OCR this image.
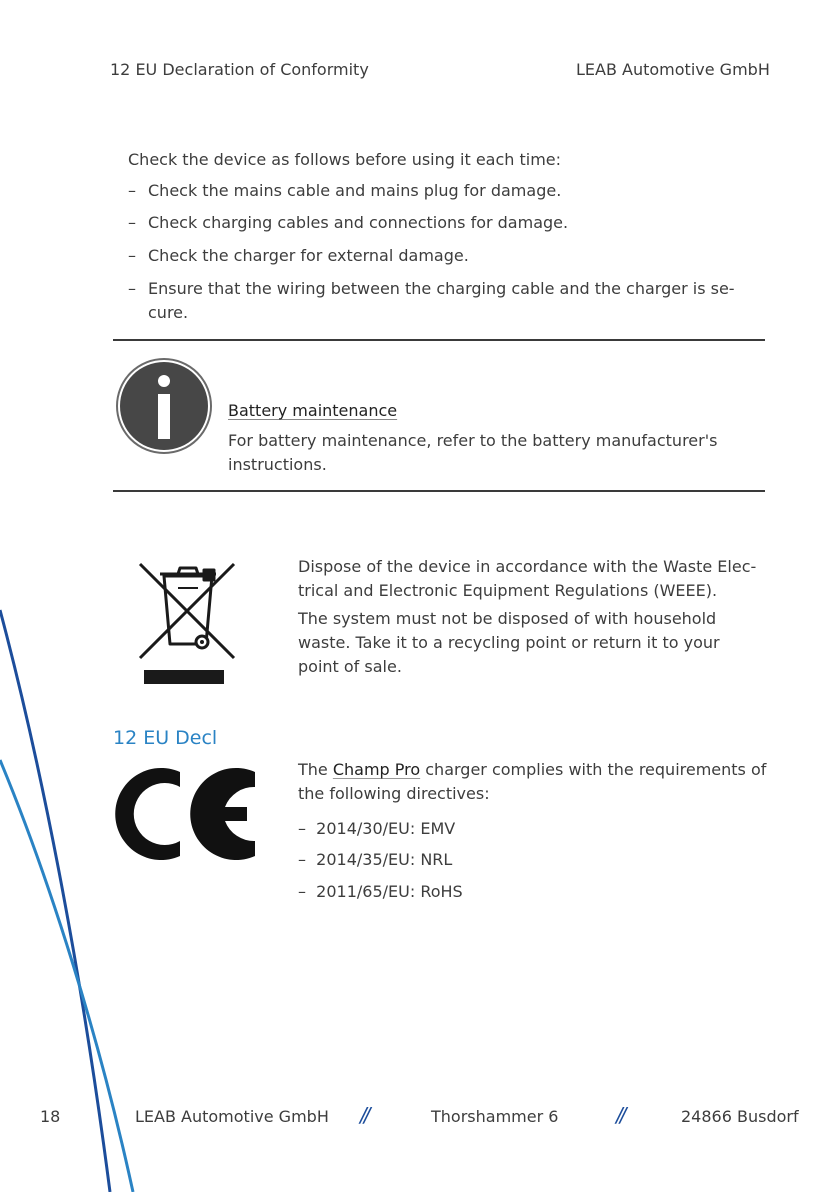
12 EU Declaration of Conformity	LEAB Automotive GmbH
Check the device as follows before using it each time:
– Check the mains cable and mains plug for damage.
– Check charging cables and connections for damage.
– Check the charger for external damage.
– Ensure that the wiring between the charging cable and the charger is se-cure.
Battery maintenance
For battery maintenance, refer to the battery manufacturer's instructions.
Dispose of the device in accordance with the Waste Elec-trical and Electronic Equipment Regulations (WEEE).
The system must not be disposed of with household waste. Take it to a recycling point or return it to your point of sale.
12 EU Decl
The Champ Pro charger complies with the requirements of the following directives:
–  2014/30/EU: EMV
–  2014/35/EU: NRL
–  2011/65/EU: RoHS
18	LEAB Automotive GmbH //	Thorshammer 6	//	24866 Busdorf
